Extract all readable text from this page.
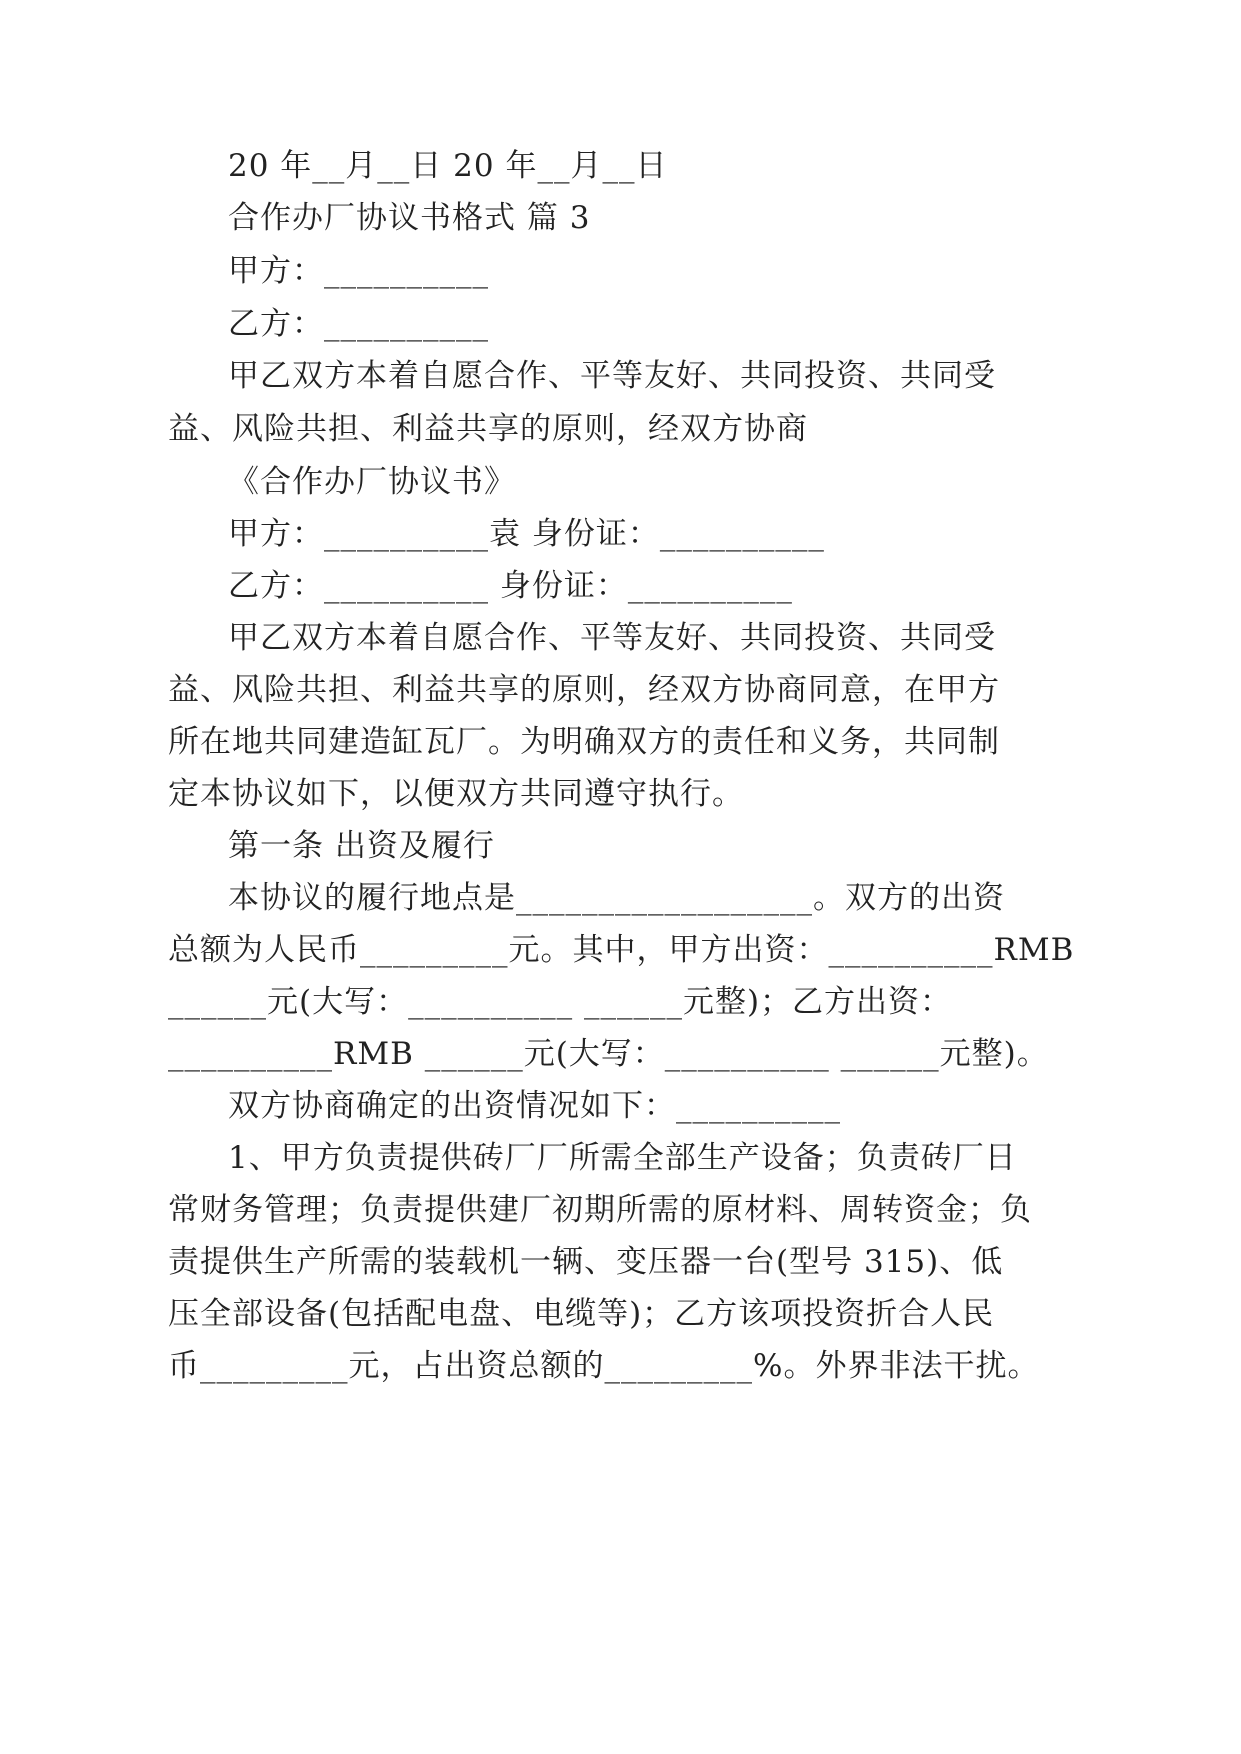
20 年__月__日 20 年__月__日
合作办厂协议书格式 篇 3
甲方：__________
乙方：__________
甲乙双方本着自愿合作、平等友好、共同投资、共同受
益、风险共担、利益共享的原则，经双方协商
《合作办厂协议书》
甲方：__________袁 身份证：__________
乙方：__________ 身份证：__________
甲乙双方本着自愿合作、平等友好、共同投资、共同受
益、风险共担、利益共享的原则，经双方协商同意，在甲方
所在地共同建造缸瓦厂。为明确双方的责任和义务，共同制
定本协议如下，以便双方共同遵守执行。
第一条 出资及履行
本协议的履行地点是__________________。双方的出资
总额为人民币_________元。其中，甲方出资：__________RMB
______元(大写：__________ ______元整)；乙方出资：
__________RMB ______元(大写：__________ ______元整)。
双方协商确定的出资情况如下：__________
1、甲方负责提供砖厂厂所需全部生产设备；负责砖厂日
常财务管理；负责提供建厂初期所需的原材料、周转资金；负
责提供生产所需的装载机一辆、变压器一台(型号 315)、低
压全部设备(包括配电盘、电缆等)；乙方该项投资折合人民
币_________元，占出资总额的_________%。外界非法干扰。
